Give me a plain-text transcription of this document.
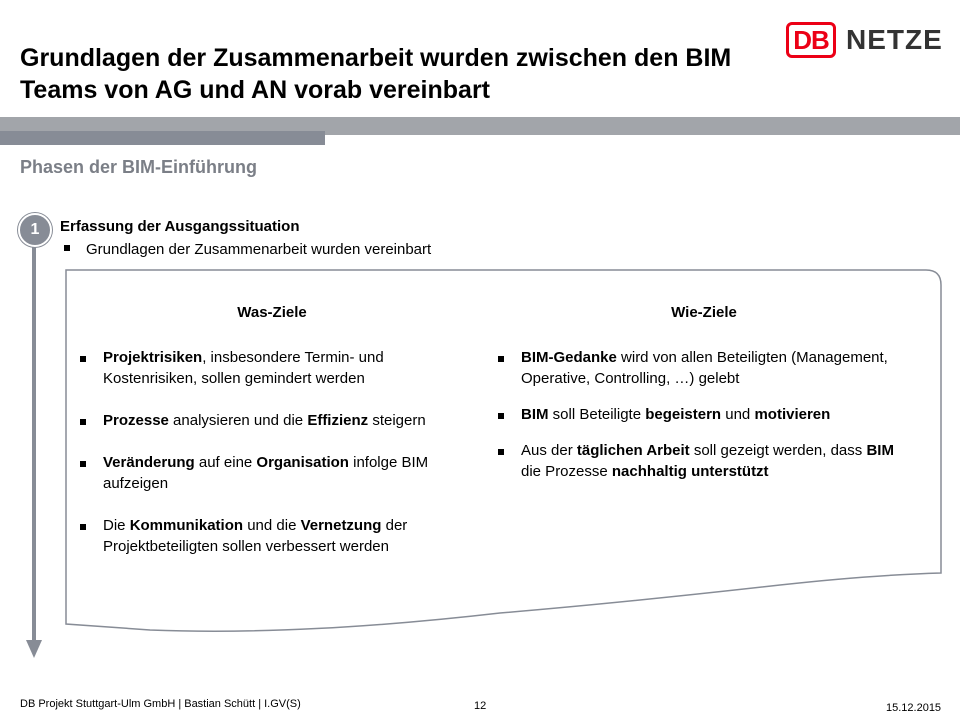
Grundlagen der Zusammenarbeit wurden zwischen den BIM Teams von AG und AN vorab vereinbart
DB NETZE
Phasen der BIM-Einführung
1	Erfassung der Ausgangssituation
Grundlagen der Zusammenarbeit wurden vereinbart
Was-Ziele
Projektrisiken, insbesondere Termin- und Kostenrisiken, sollen gemindert werden
Prozesse analysieren und die Effizienz steigern
Veränderung auf eine Organisation infolge BIM aufzeigen
Die Kommunikation und die Vernetzung der Projektbeteiligten sollen verbessert werden
Wie-Ziele
BIM-Gedanke wird von allen Beteiligten (Management, Operative, Controlling, …) gelebt
BIM soll Beteiligte begeistern und motivieren
Aus der täglichen Arbeit soll gezeigt werden, dass BIM die Prozesse nachhaltig unterstützt
DB Projekt Stuttgart-Ulm GmbH | Bastian Schütt | I.GV(S)	12	15.12.2015
